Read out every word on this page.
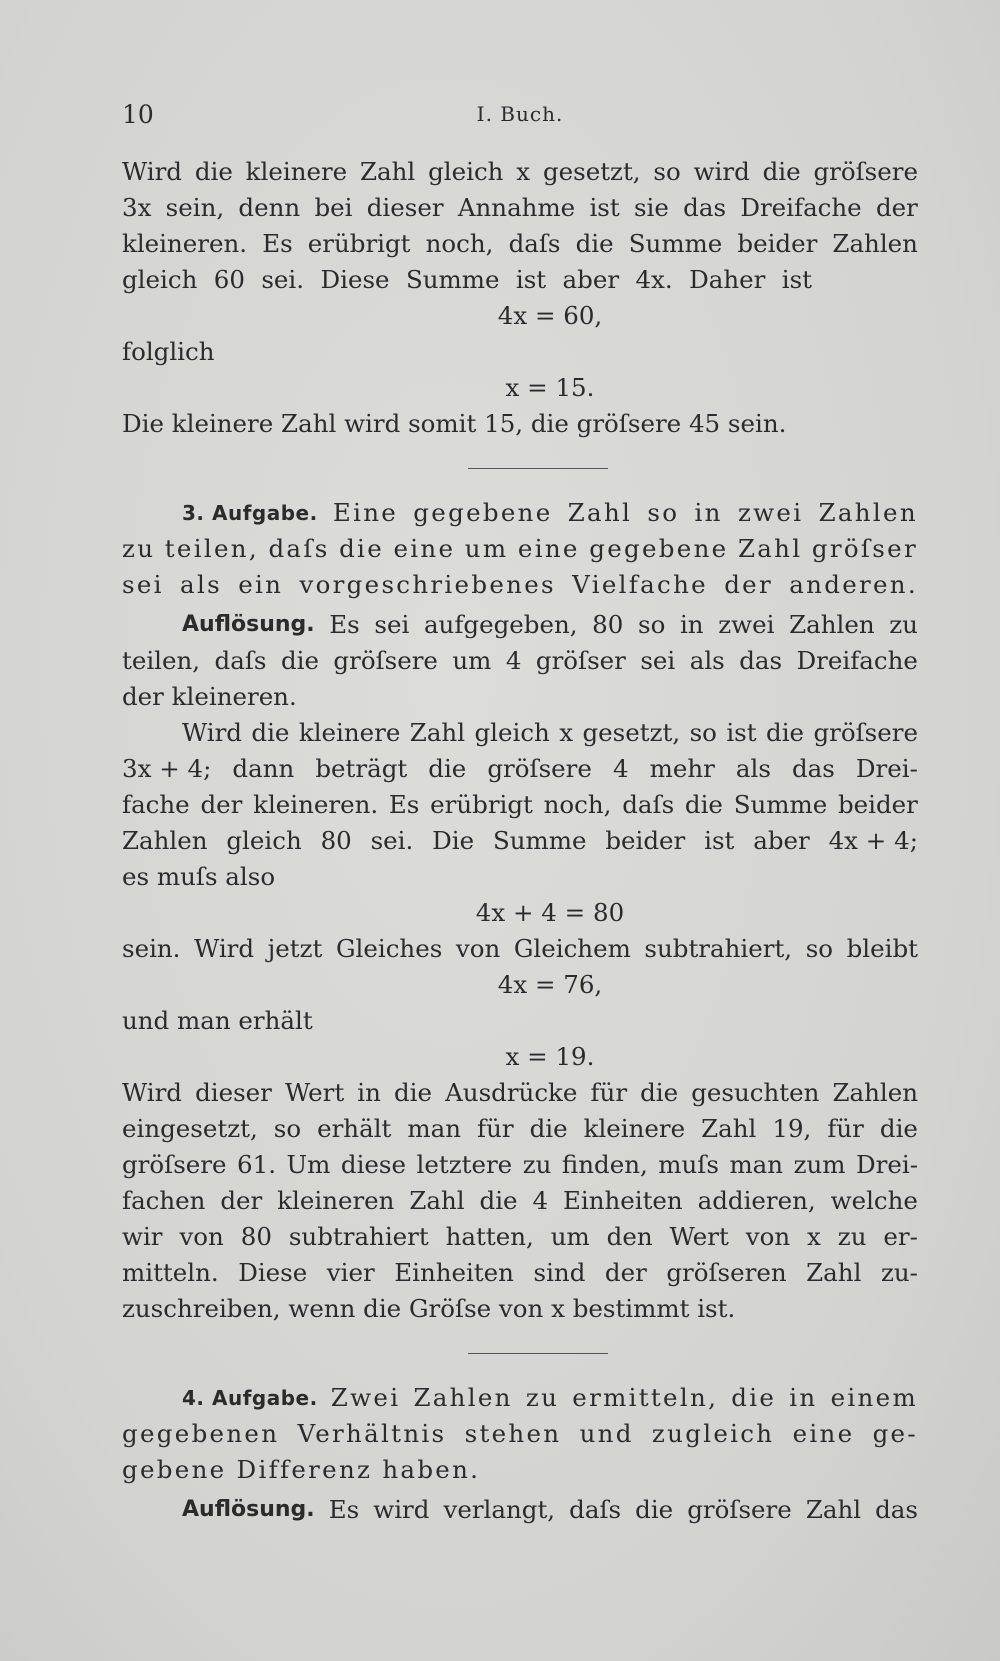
10	I. Buch.
Wird die kleinere Zahl gleich x gesetzt, so wird die gröſsere
3x sein, denn bei dieser Annahme ist sie das Dreifache der
kleineren. Es erübrigt noch, daſs die Summe beider Zahlen
gleich 60 sei. Diese Summe ist aber 4x. Daher ist
4x = 60,
folglich
x = 15.
Die kleinere Zahl wird somit 15, die gröſsere 45 sein.
3. Aufgabe. Eine gegebene Zahl so in zwei Zahlen
zu teilen, daſs die eine um eine gegebene Zahl gröſser
sei als ein vorgeschriebenes Vielfache der anderen.
Auflösung. Es sei aufgegeben, 80 so in zwei Zahlen zu
teilen, daſs die gröſsere um 4 gröſser sei als das Dreifache
der kleineren.
Wird die kleinere Zahl gleich x gesetzt, so ist die gröſsere
3x + 4; dann beträgt die gröſsere 4 mehr als das Drei-
fache der kleineren. Es erübrigt noch, daſs die Summe beider
Zahlen gleich 80 sei. Die Summe beider ist aber 4x + 4;
es muſs also
4x + 4 = 80
sein. Wird jetzt Gleiches von Gleichem subtrahiert, so bleibt
4x = 76,
und man erhält
x = 19.
Wird dieser Wert in die Ausdrücke für die gesuchten Zahlen
eingesetzt, so erhält man für die kleinere Zahl 19, für die
gröſsere 61. Um diese letztere zu finden, muſs man zum Drei-
fachen der kleineren Zahl die 4 Einheiten addieren, welche
wir von 80 subtrahiert hatten, um den Wert von x zu er-
mitteln. Diese vier Einheiten sind der gröſseren Zahl zu-
zuschreiben, wenn die Gröſse von x bestimmt ist.
4. Aufgabe. Zwei Zahlen zu ermitteln, die in einem
gegebenen Verhältnis stehen und zugleich eine ge-
gebene Differenz haben.
Auflösung. Es wird verlangt, daſs die gröſsere Zahl das
